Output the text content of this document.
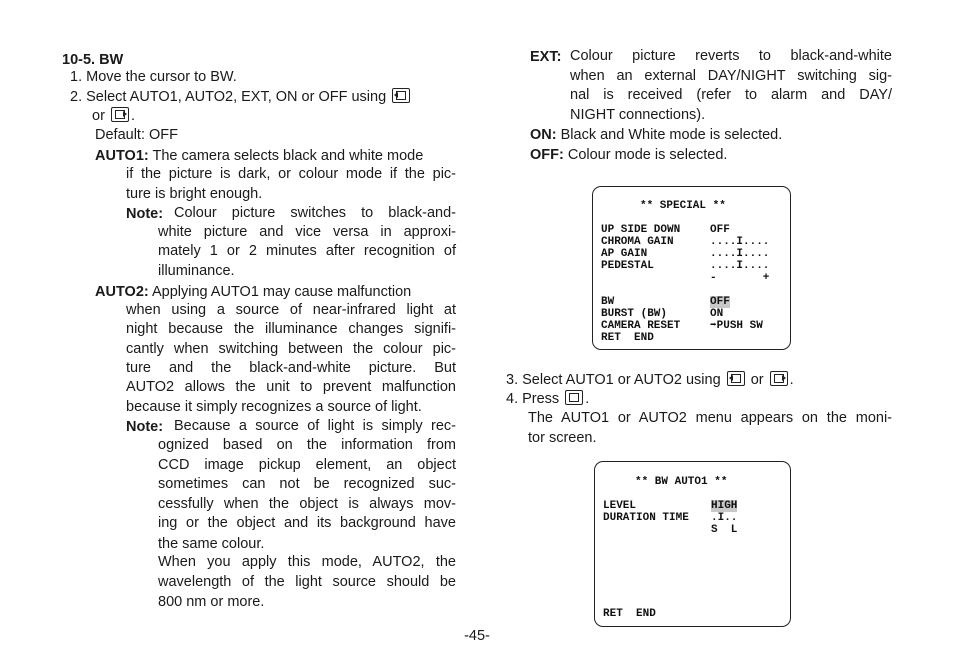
10-5. BW
1. Move the cursor to BW.
2. Select AUTO1, AUTO2, EXT, ON or OFF using
or .
Default: OFF
AUTO1: The camera selects black and white mode
if the picture is dark, or colour mode if the pic-
ture is bright enough.
Note: Colour picture switches to black-and-
white picture and vice versa in approxi-
mately 1 or 2 minutes after recognition of
illuminance.
AUTO2: Applying AUTO1 may cause malfunction
when using a source of near-infrared light at
night because the illuminance changes signifi-
cantly when switching between the colour pic-
ture and the black-and-white picture. But
AUTO2 allows the unit to prevent malfunction
because it simply recognizes a source of light.
Note: Because a source of light is simply rec-
ognized based on the information from
CCD image pickup element, an object
sometimes can not be recognized suc-
cessfully when the object is always mov-
ing or the object and its background have
the same colour.
When you apply this mode, AUTO2, the
wavelength of the light source should be
800 nm or more.
EXT: Colour picture reverts to black-and-white
when an external DAY/NIGHT switching sig-
nal is received (refer to alarm and DAY/
NIGHT connections).
ON: Black and White mode is selected.
OFF: Colour mode is selected.
** SPECIAL **
UP SIDE DOWN	OFF
CHROMA GAIN	....I....
AP GAIN	....I....
PEDESTAL	....I....
-       +
BW	OFF
BURST (BW)	ON
CAMERA RESET	➡PUSH SW
RET  END
3. Select AUTO1 or AUTO2 using or .
4. Press .
The AUTO1 or AUTO2 menu appears on the moni-
tor screen.
** BW AUTO1 **
LEVEL	HIGH
DURATION TIME .I..
S  L
RET  END
-45-
